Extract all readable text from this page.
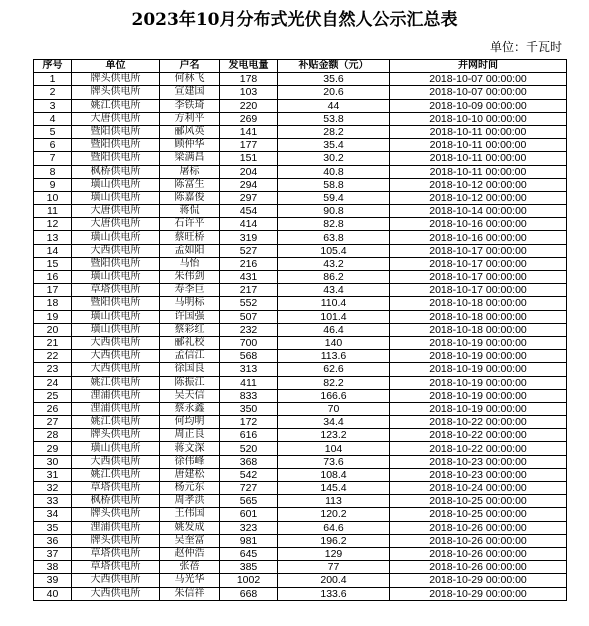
2023年10月分布式光伏自然人公示汇总表
单位：千瓦时
序号	单位	户名	发电电量	补贴金额（元）	并网时间
1	牌头供电所	何林飞	178	35.6	2018-10-07 00:00:00
2	牌头供电所	宣建国	103	20.6	2018-10-07 00:00:00
3	姚江供电所	李铁琦	220	44	2018-10-09 00:00:00
4	大唐供电所	方利平	269	53.8	2018-10-10 00:00:00
5	暨阳供电所	郦风英	141	28.2	2018-10-11 00:00:00
6	暨阳供电所	顾仲华	177	35.4	2018-10-11 00:00:00
7	暨阳供电所	梁满昌	151	30.2	2018-10-11 00:00:00
8	枫桥供电所	屠标	204	40.8	2018-10-11 00:00:00
9	璜山供电所	陈富生	294	58.8	2018-10-12 00:00:00
10	璜山供电所	陈嘉俊	297	59.4	2018-10-12 00:00:00
11	大唐供电所	蒋侃	454	90.8	2018-10-14 00:00:00
12	大唐供电所	石许平	414	82.8	2018-10-16 00:00:00
13	璜山供电所	蔡旺桥	319	63.8	2018-10-16 00:00:00
14	大西供电所	孟如阳	527	105.4	2018-10-17 00:00:00
15	暨阳供电所	马怡	216	43.2	2018-10-17 00:00:00
16	璜山供电所	朱伟剑	431	86.2	2018-10-17 00:00:00
17	草塔供电所	寿李巨	217	43.4	2018-10-17 00:00:00
18	暨阳供电所	马明标	552	110.4	2018-10-18 00:00:00
19	璜山供电所	许国强	507	101.4	2018-10-18 00:00:00
20	璜山供电所	蔡彩红	232	46.4	2018-10-18 00:00:00
21	大西供电所	郦礼校	700	140	2018-10-19 00:00:00
22	大西供电所	孟信江	568	113.6	2018-10-19 00:00:00
23	大西供电所	徐国良	313	62.6	2018-10-19 00:00:00
24	姚江供电所	陈振江	411	82.2	2018-10-19 00:00:00
25	浬浦供电所	吴天信	833	166.6	2018-10-19 00:00:00
26	浬浦供电所	蔡永鑫	350	70	2018-10-19 00:00:00
27	姚江供电所	何均明	172	34.4	2018-10-22 00:00:00
28	牌头供电所	周正良	616	123.2	2018-10-22 00:00:00
29	璜山供电所	蒋文深	520	104	2018-10-22 00:00:00
30	大西供电所	徐伟峰	368	73.6	2018-10-23 00:00:00
31	姚江供电所	唐建松	542	108.4	2018-10-23 00:00:00
32	草塔供电所	杨元东	727	145.4	2018-10-24 00:00:00
33	枫桥供电所	周孝洪	565	113	2018-10-25 00:00:00
34	牌头供电所	王伟国	601	120.2	2018-10-25 00:00:00
35	浬浦供电所	姚发成	323	64.6	2018-10-26 00:00:00
36	牌头供电所	吴奎富	981	196.2	2018-10-26 00:00:00
37	草塔供电所	赵仲浩	645	129	2018-10-26 00:00:00
38	草塔供电所	张蓓	385	77	2018-10-26 00:00:00
39	大西供电所	马光华	1002	200.4	2018-10-29 00:00:00
40	大西供电所	朱信祥	668	133.6	2018-10-29 00:00:00
